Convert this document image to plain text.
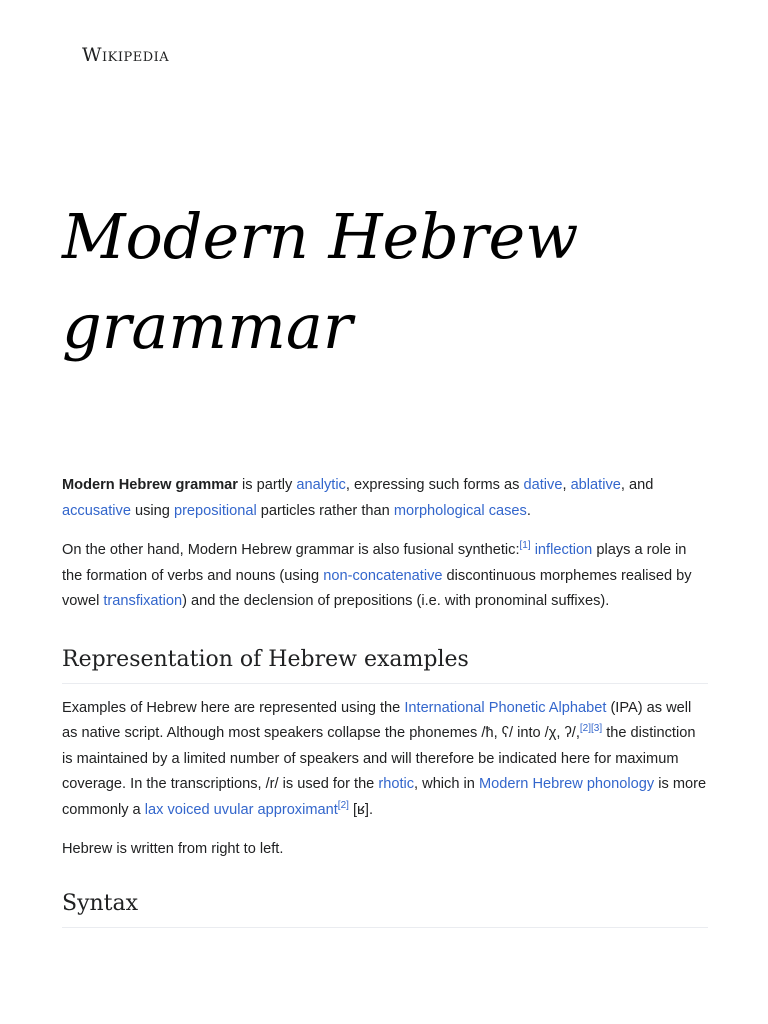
Wikipedia
Modern Hebrew grammar

Modern Hebrew grammar is partly analytic, expressing such forms as dative, ablative, and accusative using prepositional particles rather than morphological cases.

On the other hand, Modern Hebrew grammar is also fusional synthetic:[1] inflection plays a role in the formation of verbs and nouns (using non-concatenative discontinuous morphemes realised by vowel transfixation) and the declension of prepositions (i.e. with pronominal suffixes).

Representation of Hebrew examples

Examples of Hebrew here are represented using the International Phonetic Alphabet (IPA) as well as native script. Although most speakers collapse the phonemes /ħ, ʕ/ into /χ, ʔ/,[2][3] the distinction is maintained by a limited number of speakers and will therefore be indicated here for maximum coverage. In the transcriptions, /r/ is used for the rhotic, which in Modern Hebrew phonology is more commonly a lax voiced uvular approximant[2] [ʁ].

Hebrew is written from right to left.

Syntax
